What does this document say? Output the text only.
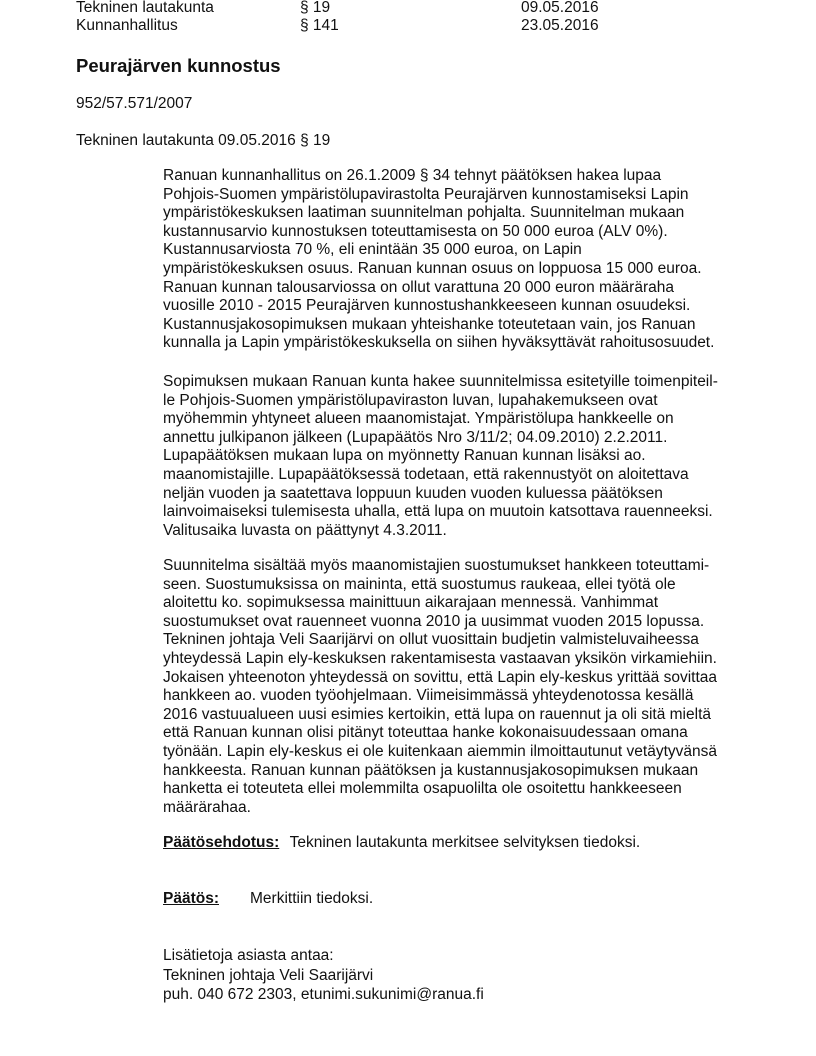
Tekninen lautakunta	§ 19	09.05.2016
Kunnanhallitus	§ 141	23.05.2016
Peurajärven kunnostus
952/57.571/2007
Tekninen lautakunta 09.05.2016 § 19

Ranuan kunnanhallitus on 26.1.2009 § 34 tehnyt päätöksen hakea lupaa
Pohjois-Suomen ympäristölupavirastolta Peurajärven kunnostamiseksi Lapin
ympäristökeskuksen laatiman suunnitelman pohjalta. Suunnitelman mukaan
kustannusarvio kunnostuksen toteuttamisesta on 50 000 euroa (ALV 0%).
Kustannusarviosta 70 %, eli enintään 35 000 euroa, on Lapin
ympäristökeskuksen osuus. Ranuan kunnan osuus on loppuosa 15 000 euroa.
Ranuan kunnan talousarviossa on ollut varattuna 20 000 euron määräraha
vuosille 2010 - 2015 Peurajärven kunnostushankkeeseen kunnan osuudeksi.
Kustannusjakosopimuksen mukaan yhteishanke toteutetaan vain, jos Ranuan
kunnalla ja Lapin ympäristökeskuksella on siihen hyväksyttävät rahoitusosuudet.

Sopimuksen mukaan Ranuan kunta hakee suunnitelmissa esitetyille toimenpiteil-
le Pohjois-Suomen ympäristölupaviraston luvan, lupahakemukseen ovat
myöhemmin yhtyneet alueen maanomistajat. Ympäristölupa hankkeelle on
annettu julkipanon jälkeen (Lupapäätös Nro 3/11/2; 04.09.2010) 2.2.2011.
Lupapäätöksen mukaan lupa on myönnetty Ranuan kunnan lisäksi ao.
maanomistajille. Lupapäätöksessä todetaan, että rakennustyöt on aloitettava
neljän vuoden ja saatettava loppuun kuuden vuoden kuluessa päätöksen
lainvoimaiseksi tulemisesta uhalla, että lupa on muutoin katsottava rauenneeksi.
Valitusaika luvasta on päättynyt 4.3.2011.

Suunnitelma sisältää myös maanomistajien suostumukset hankkeen toteuttami-
seen. Suostumuksissa on maininta, että suostumus raukeaa, ellei työtä ole
aloitettu ko. sopimuksessa mainittuun aikarajaan mennessä. Vanhimmat
suostumukset ovat rauenneet vuonna 2010 ja uusimmat vuoden 2015 lopussa.
Tekninen johtaja Veli Saarijärvi on ollut vuosittain budjetin valmisteluvaiheessa
yhteydessä Lapin ely-keskuksen rakentamisesta vastaavan yksikön virkamiehiin.
Jokaisen yhteenoton yhteydessä on sovittu, että Lapin ely-keskus yrittää sovittaa
hankkeen ao. vuoden työohjelmaan. Viimeisimmässä yhteydenotossa kesällä
2016 vastuualueen uusi esimies kertoikin, että lupa on rauennut ja oli sitä mieltä
että Ranuan kunnan olisi pitänyt toteuttaa hanke kokonaisuudessaan omana
työnään. Lapin ely-keskus ei ole kuitenkaan aiemmin ilmoittautunut vetäytyvänsä
hankkeesta. Ranuan kunnan päätöksen ja kustannusjakosopimuksen mukaan
hanketta ei toteuteta ellei molemmilta osapuolilta ole osoitettu hankkeeseen
määrärahaa.

Päätösehdotus: Tekninen lautakunta merkitsee selvityksen tiedoksi.
Päätös: Merkittiin tiedoksi.
Lisätietoja asiasta antaa:
Tekninen johtaja Veli Saarijärvi
puh. 040 672 2303, etunimi.sukunimi@ranua.fi
